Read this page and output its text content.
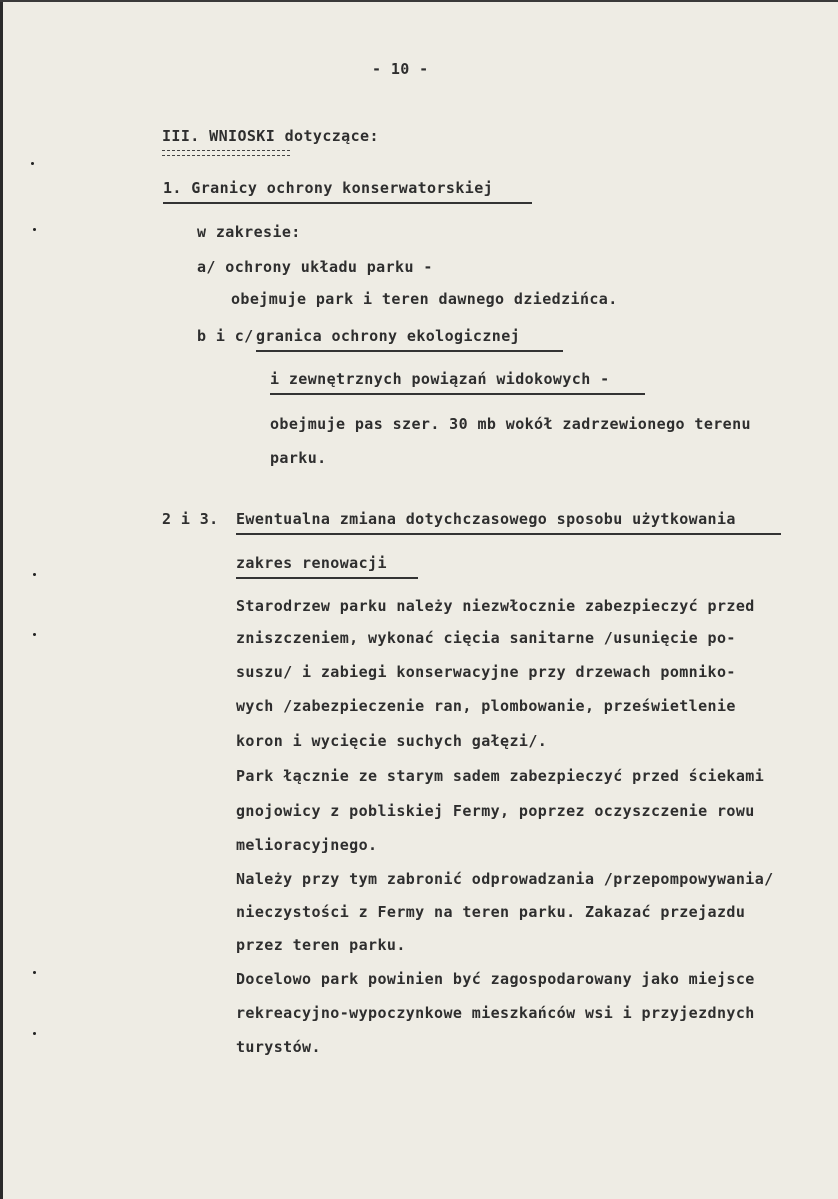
- 10 -
III. WNIOSKI dotyczące:
1. Granicy ochrony konserwatorskiej
w zakresie:
a/ ochrony układu parku -
obejmuje park i teren dawnego dziedzińca.
b i c/ granica ochrony ekologicznej
i zewnętrznych powiązań widokowych -
obejmuje pas szer. 30 mb wokół zadrzewionego terenu
parku.
2 i 3. Ewentualna zmiana dotychczasowego sposobu użytkowania
zakres renowacji
Starodrzew parku należy niezwłocznie zabezpieczyć przed
zniszczeniem, wykonać cięcia sanitarne /usunięcie po-
suszu/ i zabiegi konserwacyjne przy drzewach pomniko-
wych /zabezpieczenie ran, plombowanie, prześwietlenie
koron i wycięcie suchych gałęzi/.
Park łącznie ze starym sadem zabezpieczyć przed ściekami
gnojowicy z pobliskiej Fermy, poprzez oczyszczenie rowu
melioracyjnego.
Należy przy tym zabronić odprowadzania /przepompowywania/
nieczystości z Fermy na teren parku. Zakazać przejazdu
przez teren parku.
Docelowo park powinien być zagospodarowany jako miejsce
rekreacyjno-wypoczynkowe mieszkańców wsi i przyjezdnych
turystów.
